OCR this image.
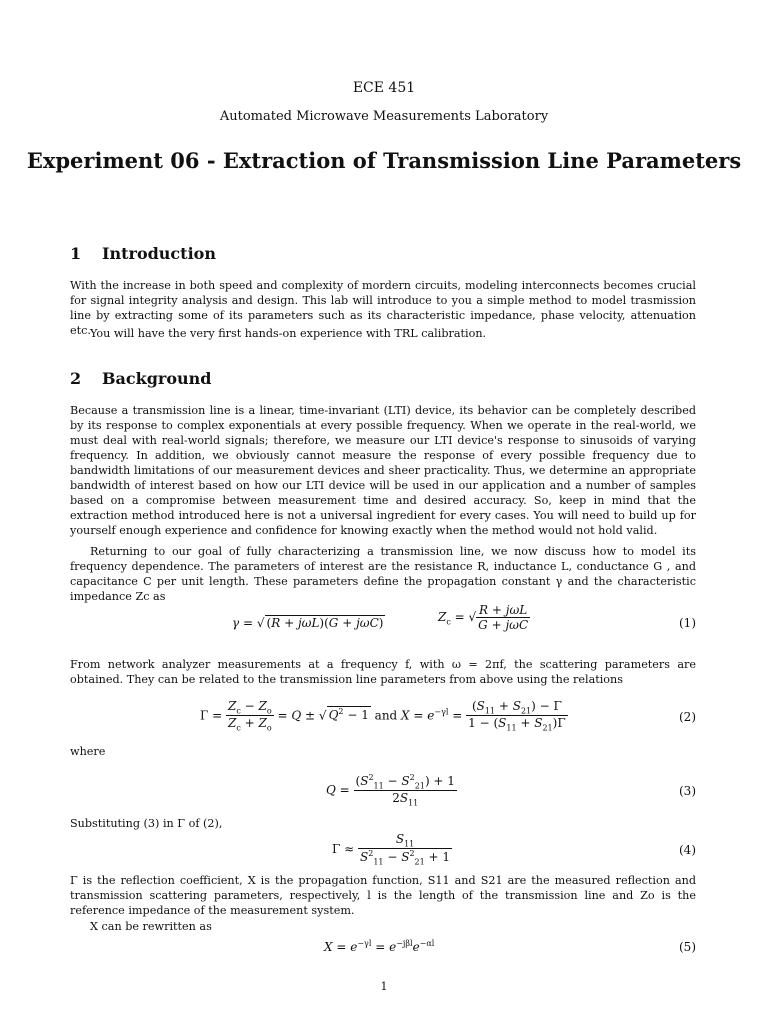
ECE 451
Automated Microwave Measurements Laboratory
Experiment 06 - Extraction of Transmission Line Parameters
1 Introduction

With the increase in both speed and complexity of mordern circuits, modeling interconnects becomes crucial for signal integrity analysis and design. This lab will introduce to you a simple method to model trasmission line by extracting some of its parameters such as its characteristic impedance, phase velocity, attenuation etc. You will have the very first hands-on experience with TRL calibration.

2 Background

Because a transmission line is a linear, time-invariant (LTI) device, its behavior can be completely described by its response to complex exponentials at every possible frequency. When we operate in the real-world, we must deal with real-world signals; therefore, we measure our LTI device's response to sinusoids of varying frequency. In addition, we obviously cannot measure the response of every possible frequency due to bandwidth limitations of our measurement devices and sheer practicality. Thus, we determine an appropriate bandwidth of interest based on how our LTI device will be used in our application and a number of samples based on a compromise between measurement time and desired accuracy. So, keep in mind that the extraction method introduced here is not a universal ingredient for every cases. You will need to build up for yourself enough experience and confidence for knowing exactly when the method would not hold valid.

Returning to our goal of fully characterizing a transmission line, we now discuss how to model its frequency dependence. The parameters of interest are the resistance R, inductance L, conductance G , and capacitance C per unit length. These parameters define the propagation constant γ and the characteristic impedance Zc as

γ = √ (R + jωL)(G + jωC)	$Z_c$ = √ $\frac{\text{R + jωL}}{\text{G + jωC}}$	(1)

From network analyzer measurements at a frequency f, with ω = 2πf, the scattering parameters are obtained. They can be related to the transmission line parameters from above using the relations

$\Gamma = \frac{Z_c - Z_o}{Z_c + Z_o} = Q$ ± √ $Q^2 - 1$ and $X = e^{-\gamma l} = \frac{(S_{11} + S_{21}) - \Gamma}{1 - (S_{11} + S_{21})\Gamma}$	(2)

where

$Q = \frac{(S^2_{11} - S^2_{21}) + 1}{2S_{11}}$	(3)

Substituting (3) in Γ of (2),

$\Gamma \approx \frac{S_{11}}{S^2_{11} - S^2_{21} + 1}$	(4)

Γ is the reflection coefficient, X is the propagation function, S11 and S21 are the measured reflection and transmission scattering parameters, respectively, l is the length of the transmission line and Zo is the reference impedance of the measurement system.

X can be rewritten as

$X = e^{-\gamma l} = e^{-j\beta l}e^{-\alpha l}$	(5)
1
